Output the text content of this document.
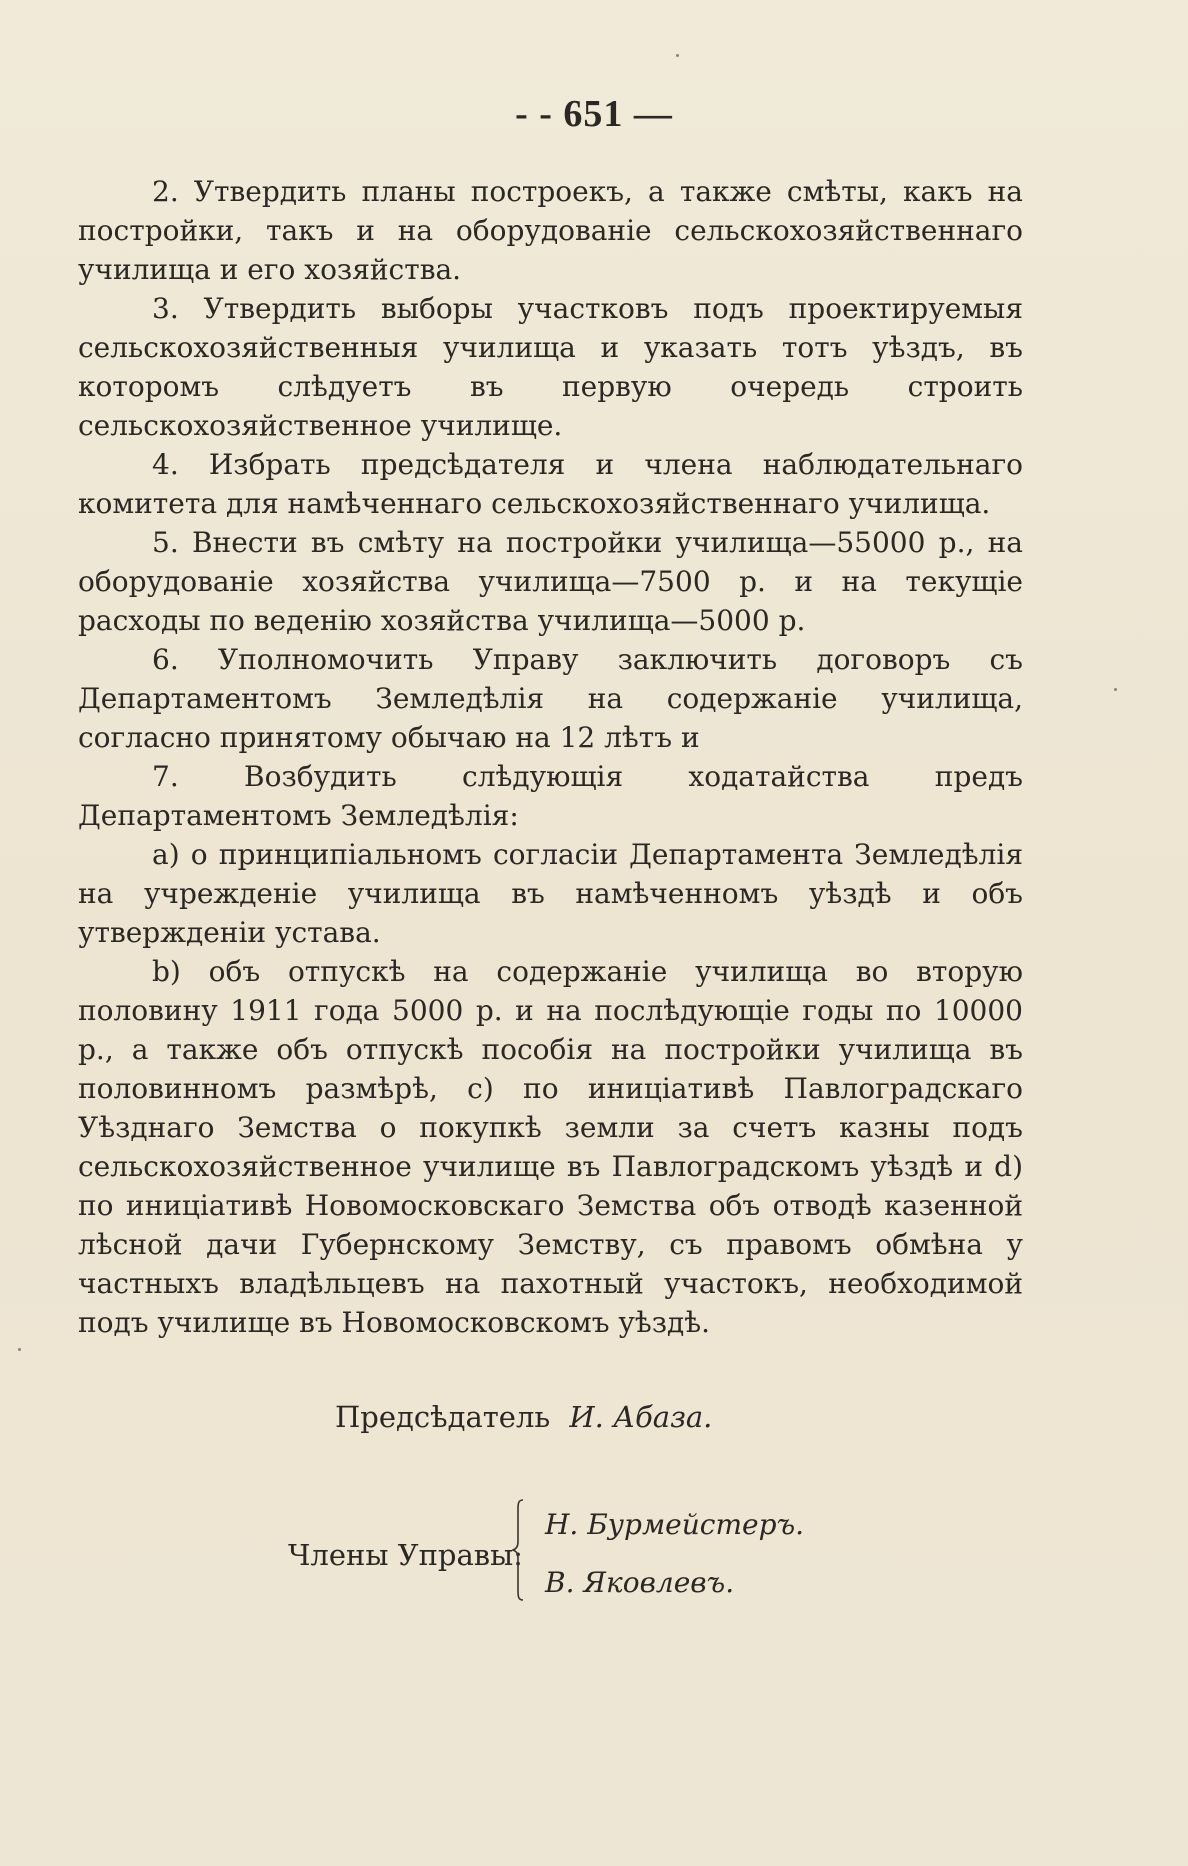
- - 651 —

2. Утвердить планы построекъ, а также смѣты, какъ на постройки, такъ и на оборудованіе сельскохозяйственнаго училища и его хозяйства.

3. Утвердить выборы участковъ подъ проектируемыя сельскохозяйственныя училища и указать тотъ уѣздъ, въ которомъ слѣдуетъ въ первую очередь строить сельскохозяйственное училище.

4. Избрать предсѣдателя и члена наблюдательнаго комитета для намѣченнаго сельскохозяйственнаго училища.

5. Внести въ смѣту на постройки училища—55000 р., на оборудованіе хозяйства училища—7500 р. и на текущіе расходы по веденію хозяйства училища—5000 р.

6. Уполномочить Управу заключить договоръ съ Департаментомъ Земледѣлія на содержаніе училища, согласно принятому обычаю на 12 лѣтъ и

7. Возбудить слѣдующія ходатайства предъ Департаментомъ Земледѣлія:

a) о принципіальномъ согласіи Департамента Земледѣлія на учрежденіе училища въ намѣченномъ уѣздѣ и объ утвержденіи устава.

b) объ отпускѣ на содержаніе училища во вторую половину 1911 года 5000 р. и на послѣдующіе годы по 10000 р., а также объ отпускѣ пособія на постройки училища въ половинномъ размѣрѣ, с) по иниціативѣ Павлоградскаго Уѣзднаго Земства о покупкѣ земли за счетъ казны подъ сельскохозяйственное училище въ Павлоградскомъ уѣздѣ и d) по иниціативѣ Новомосковскаго Земства объ отводѣ казенной лѣсной дачи Губернскому Земству, съ правомъ обмѣна у частныхъ владѣльцевъ на пахотный участокъ, необходимой подъ училище въ Новомосковскомъ уѣздѣ.

Предсѣдатель И. Абаза.
Члены Управы:
Н. Бурмейстеръ.
В. Яковлевъ.
